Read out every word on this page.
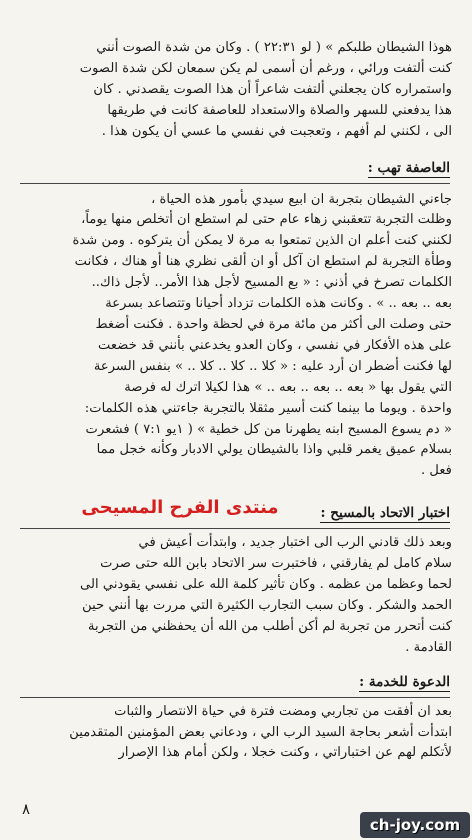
هوذا الشيطان طلبكم » ( لو ٢٢:٣١ ) . وكان من شدة الصوت أنني

كنت ألتفت ورائي ، ورغم أن أسمى لم يكن سمعان لكن شدة الصوت

واستمراره كان يجعلني ألتفت شاعراً أن هذا الصوت يقصدني . كان

هذا يدفعني للسهر والصلاة والاستعداد للعاصفة كانت في طريقها

الى ، لكنني لم أفهم ، وتعجبت في نفسي ما عسي أن يكون هذا .

العاصفة تهب :

جاءني الشيطان بتجربة ان ابيع سيدي بأمور هذه الحياة ،

وظلت التجربة تتعقبني زهاء عام حتى لم استطع ان أتخلص منها يوماً،

لكنني كنت أعلم ان الذين تمتعوا به مرة لا يمكن أن يتركوه . ومن شدة

وطأة التجربة لم استطع ان آكل أو ان ألقى نظري هنا أو هناك ، فكانت

الكلمات تصرخ في أذني : « بع المسيح لأجل هذا الأمر.. لأجل ذاك..

بعه .. بعه .. » . وكانت هذه الكلمات تزداد أحيانا وتتصاعد بسرعة

حتى وصلت الى أكثر من مائة مرة في لحظة واحدة . فكنت أضغط

على هذه الأفكار في نفسي ، وكان العدو يخدعني بأنني قد خضعت

لها فكنت أضطر ان أرد عليه : « كلا .. كلا .. كلا .. » بنفس السرعة

التي يقول بها « بعه .. بعه .. بعه .. » هذا لكيلا اترك له فرصة

واحدة . ويوما ما بينما كنت أسير مثقلا بالتجربة جاءتني هذه الكلمات:

« دم يسوع المسيح ابنه يطهرنا من كل خطية » ( ١يو ٧:١ ) فشعرت

بسلام عميق يغمر قلبي واذا بالشيطان يولي الادبار وكأنه خجل مما

فعل .

اختبار الاتحاد بالمسيح :

وبعد ذلك قادني الرب الى اختبار جديد ، وابتدأت أعيش في

سلام كامل لم يفارقني ، فاختبرت سر الاتحاد بابن الله حتى صرت

لحما وعظما من عظمه . وكان تأثير كلمة الله على نفسي يقودني الى

الحمد والشكر . وكان سبب التجارب الكثيرة التي مررت بها أنني حين

كنت أتحرر من تجربة لم أكن أطلب من الله أن يحفظني من التجربة

القادمة .

الدعوة للخدمة :

بعد ان أفقت من تجاربي ومضت فترة في حياة الانتصار والثبات

ابتدأت أشعر بحاجة السيد الرب الي ، ودعاني بعض المؤمنين المتقدمين

لأتكلم لهم عن اختباراتي ، وكنت خجلا ، ولكن أمام هذا الإصرار

منتدى الفرح المسيحى
٨
ch-joy.com
